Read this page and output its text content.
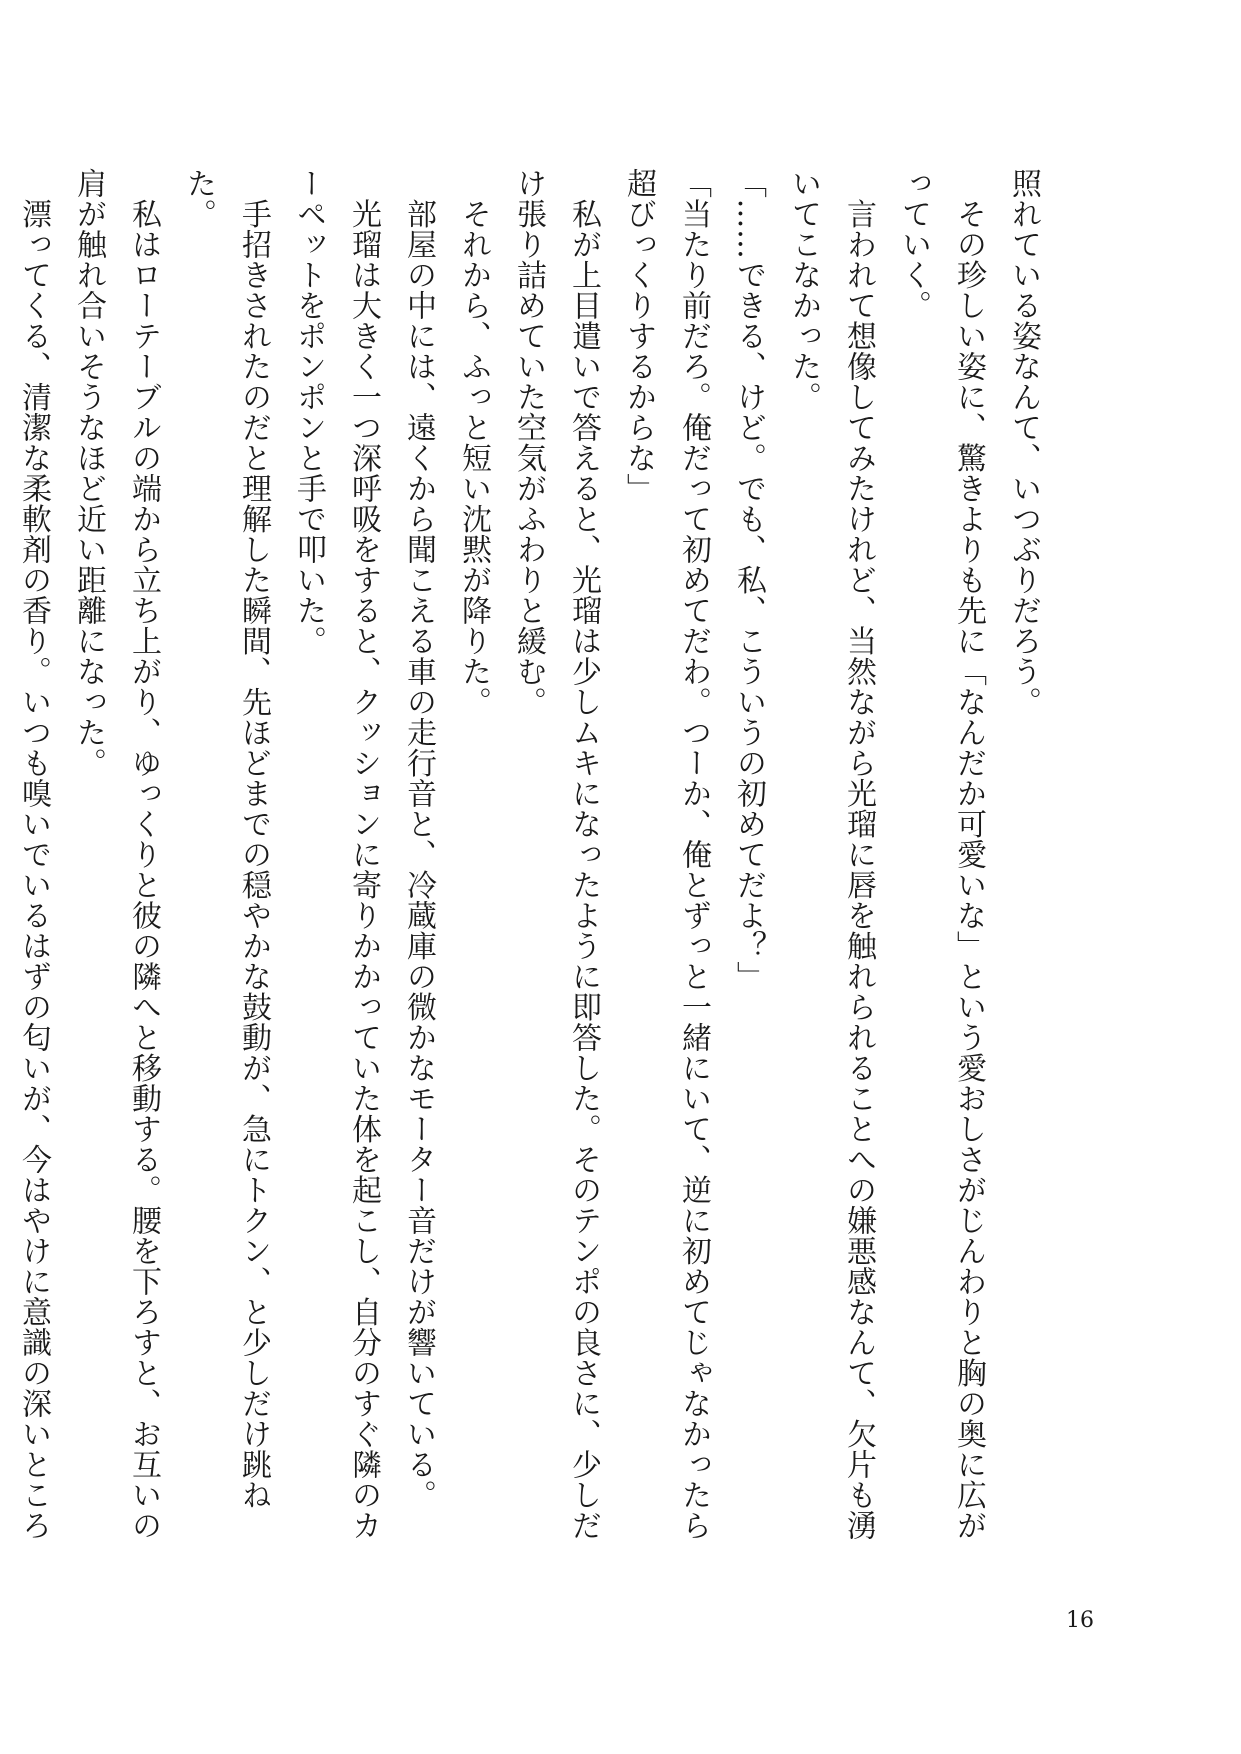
照れている姿なんて、いつぶりだろう。

　その珍しい姿に、驚きよりも先に「なんだか可愛いな」という愛おしさがじんわりと胸の奥に広がっていく。

　言われて想像してみたけれど、当然ながら光瑠に唇を触れられることへの嫌悪感なんて、欠片も湧いてこなかった。

「……できる、けど。でも、私、こういうの初めてだよ？」

「当たり前だろ。俺だって初めてだわ。つーか、俺とずっと一緒にいて、逆に初めてじゃなかったら超びっくりするからな」

　私が上目遣いで答えると、光瑠は少しムキになったように即答した。そのテンポの良さに、少しだけ張り詰めていた空気がふわりと緩む。

　それから、ふっと短い沈黙が降りた。

　部屋の中には、遠くから聞こえる車の走行音と、冷蔵庫の微かなモーター音だけが響いている。

　光瑠は大きく一つ深呼吸をすると、クッションに寄りかかっていた体を起こし、自分のすぐ隣のカーペットをポンポンと手で叩いた。

　手招きされたのだと理解した瞬間、先ほどまでの穏やかな鼓動が、急にトクン、と少しだけ跳ねた。

　私はローテーブルの端から立ち上がり、ゆっくりと彼の隣へと移動する。腰を下ろすと、お互いの肩が触れ合いそうなほど近い距離になった。

　漂ってくる、清潔な柔軟剤の香り。いつも嗅いでいるはずの匂いが、今はやけに意識の深いところ

16
